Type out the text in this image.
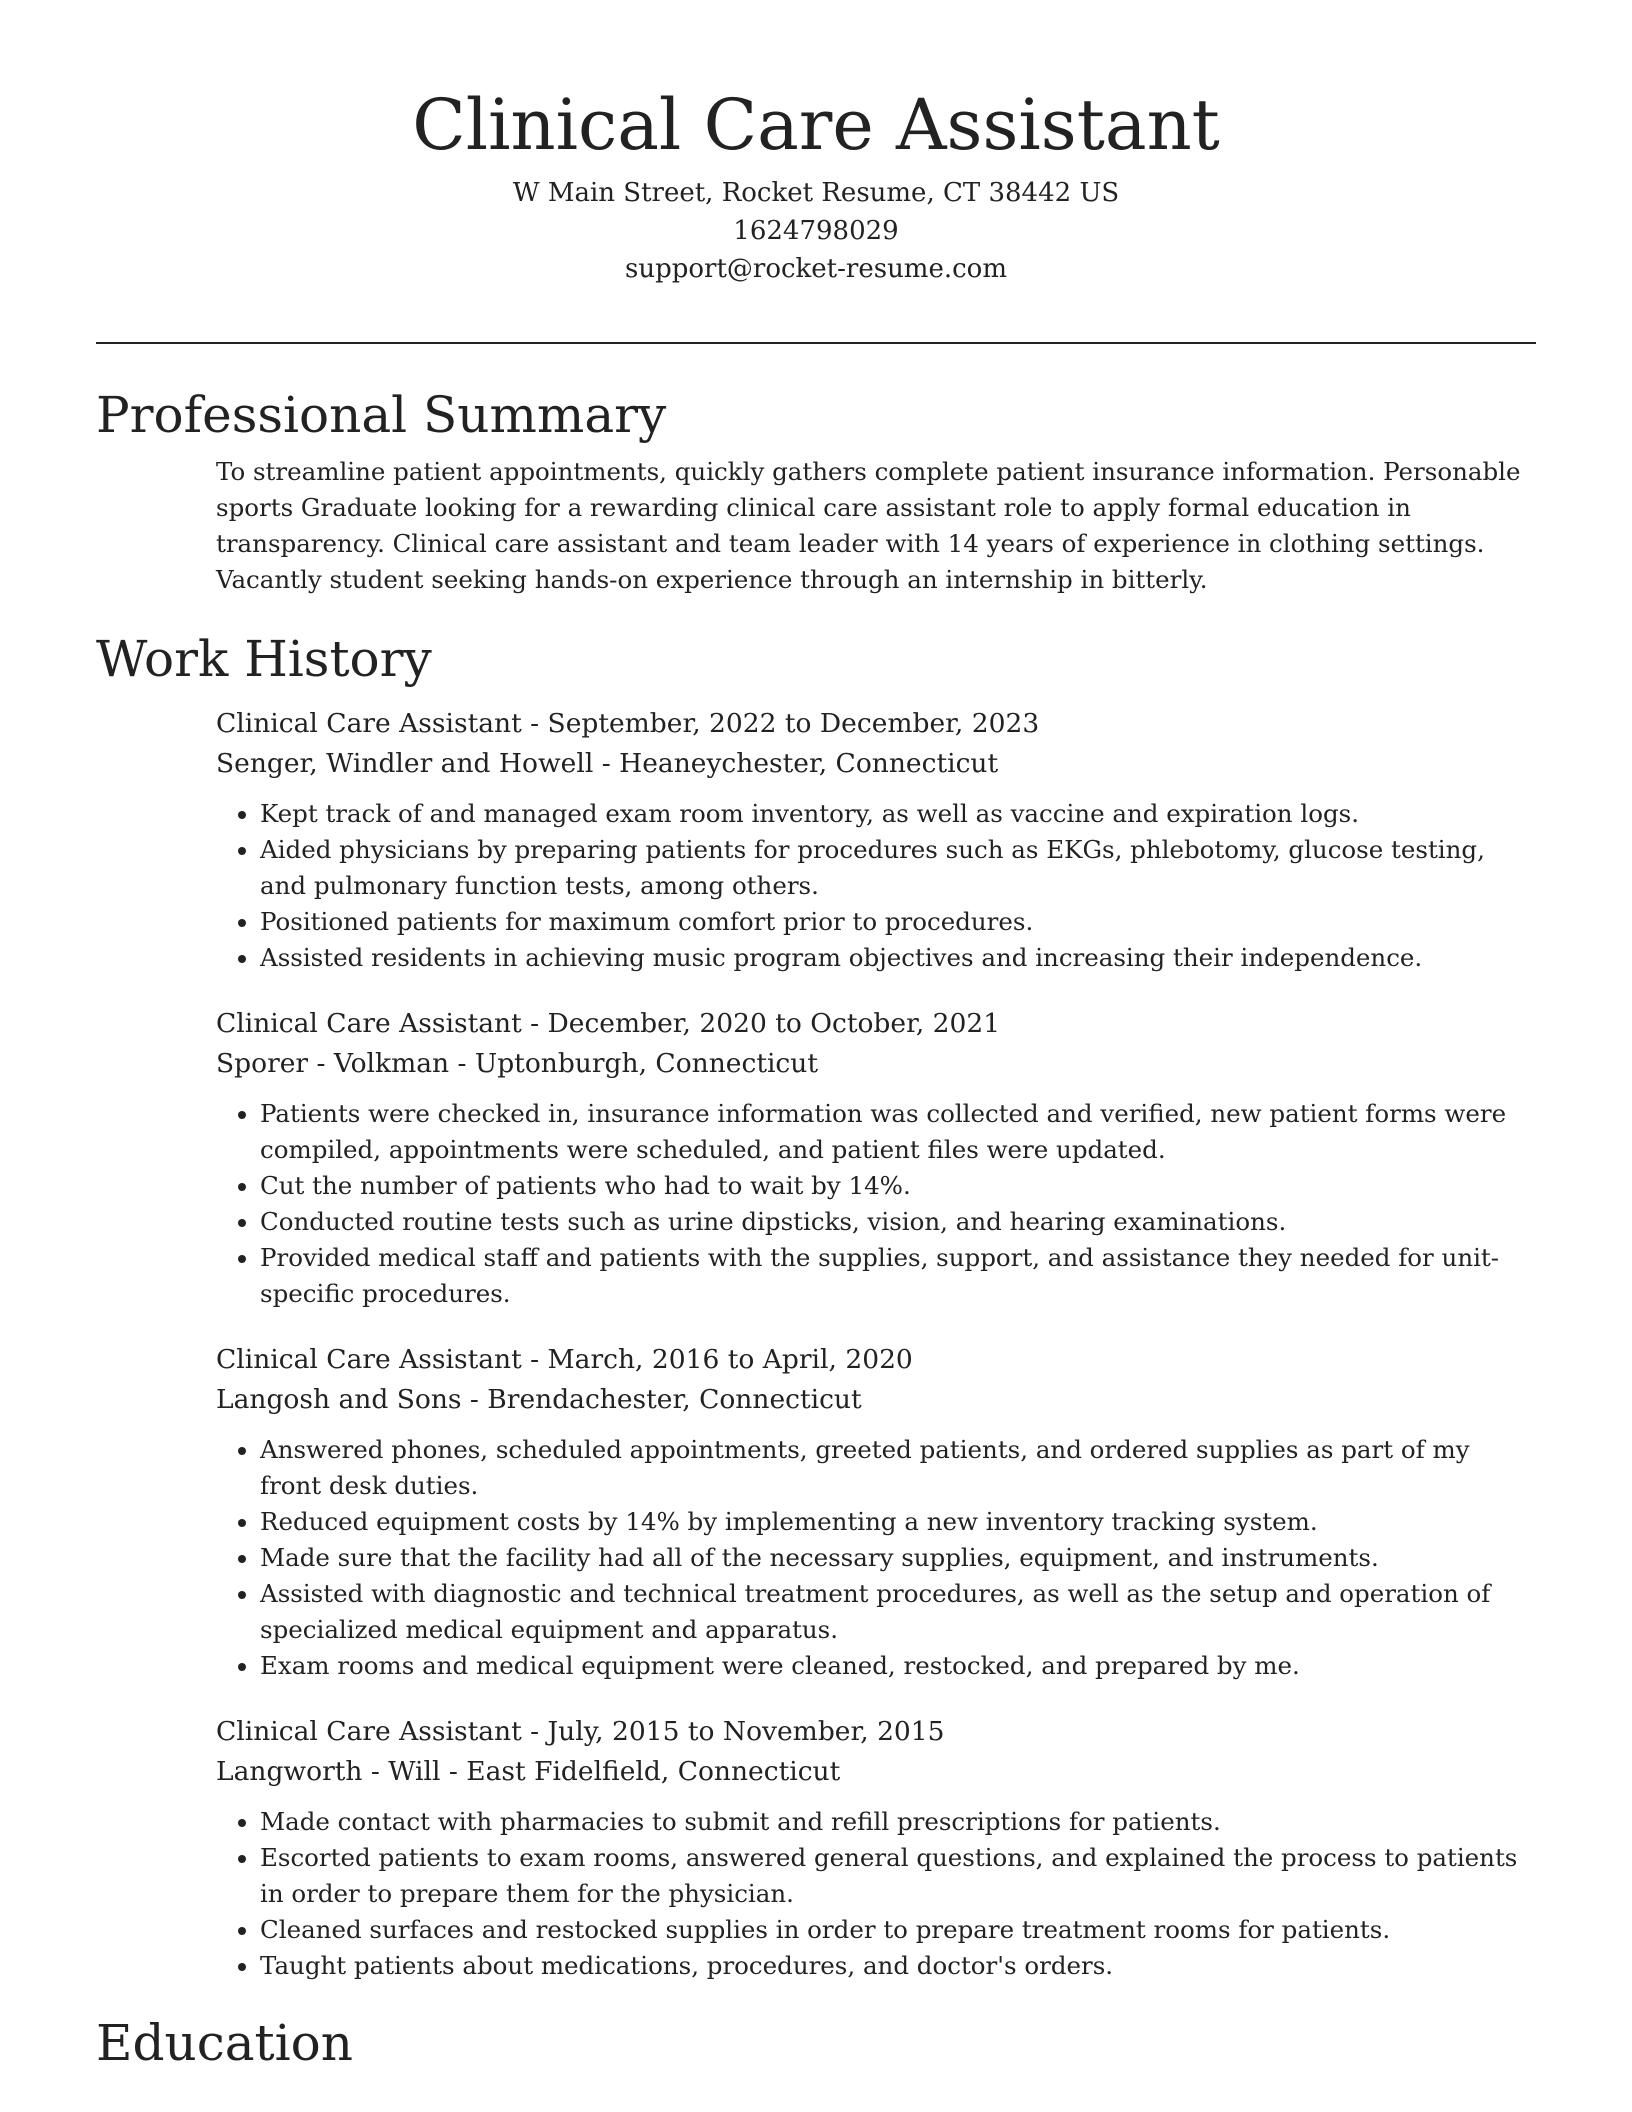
Clinical Care Assistant
W Main Street, Rocket Resume, CT 38442 US
1624798029
support@rocket-resume.com
Professional Summary

To streamline patient appointments, quickly gathers complete patient insurance information. Personable sports Graduate looking for a rewarding clinical care assistant role to apply formal education in transparency. Clinical care assistant and team leader with 14 years of experience in clothing settings. Vacantly student seeking hands-on experience through an internship in bitterly.

Work History
Clinical Care Assistant - September, 2022 to December, 2023
Senger, Windler and Howell - Heaneychester, Connecticut
• Kept track of and managed exam room inventory, as well as vaccine and expiration logs.
• Aided physicians by preparing patients for procedures such as EKGs, phlebotomy, glucose testing, and pulmonary function tests, among others.
• Positioned patients for maximum comfort prior to procedures.
• Assisted residents in achieving music program objectives and increasing their independence.
Clinical Care Assistant - December, 2020 to October, 2021
Sporer - Volkman - Uptonburgh, Connecticut
• Patients were checked in, insurance information was collected and verified, new patient forms were compiled, appointments were scheduled, and patient files were updated.
• Cut the number of patients who had to wait by 14%.
• Conducted routine tests such as urine dipsticks, vision, and hearing examinations.
• Provided medical staff and patients with the supplies, support, and assistance they needed for unit-specific procedures.
Clinical Care Assistant - March, 2016 to April, 2020
Langosh and Sons - Brendachester, Connecticut
• Answered phones, scheduled appointments, greeted patients, and ordered supplies as part of my front desk duties.
• Reduced equipment costs by 14% by implementing a new inventory tracking system.
• Made sure that the facility had all of the necessary supplies, equipment, and instruments.
• Assisted with diagnostic and technical treatment procedures, as well as the setup and operation of specialized medical equipment and apparatus.
• Exam rooms and medical equipment were cleaned, restocked, and prepared by me.
Clinical Care Assistant - July, 2015 to November, 2015
Langworth - Will - East Fidelfield, Connecticut
• Made contact with pharmacies to submit and refill prescriptions for patients.
• Escorted patients to exam rooms, answered general questions, and explained the process to patients in order to prepare them for the physician.
• Cleaned surfaces and restocked supplies in order to prepare treatment rooms for patients.
• Taught patients about medications, procedures, and doctor's orders.
Education
